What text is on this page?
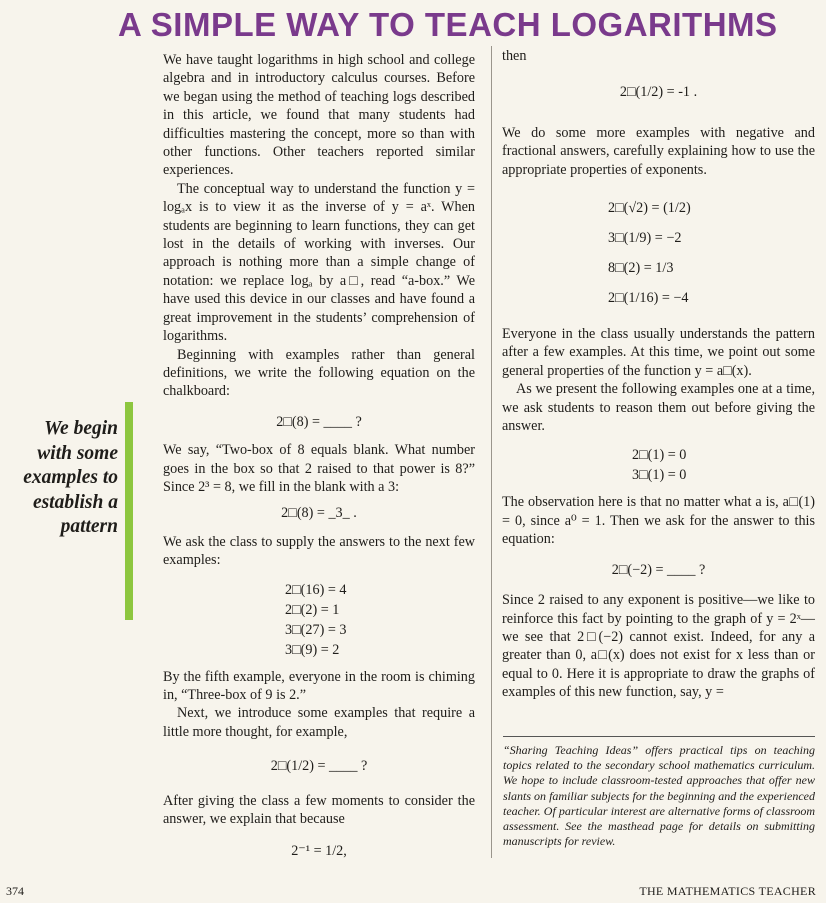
A SIMPLE WAY TO TEACH LOGARITHMS
We begin with some examples to establish a pattern

We have taught logarithms in high school and college algebra and in introductory calculus courses. Before we began using the method of teaching logs described in this article, we found that many students had difficulties mastering the concept, more so than with other functions. Other teachers reported similar experiences.

The conceptual way to understand the function y = logₐx is to view it as the inverse of y = aˣ. When students are beginning to learn functions, they can get lost in the details of working with inverses. Our approach is nothing more than a simple change of notation: we replace logₐ by a□, read “a-box.” We have used this device in our classes and have found a great improvement in the students’ comprehension of logarithms.

Beginning with examples rather than general definitions, we write the following equation on the chalkboard:

2□(8) = ____ ?

We say, “Two-box of 8 equals blank. What number goes in the box so that 2 raised to that power is 8?” Since 2³ = 8, we fill in the blank with a 3:

2□(8) = _3_ .

We ask the class to supply the answers to the next few examples:

2□(16) = 4
2□(2) = 1
3□(27) = 3
3□(9) = 2

By the fifth example, everyone in the room is chiming in, “Three-box of 9 is 2.”

Next, we introduce some examples that require a little more thought, for example,

2□(1/2) = ____ ?

After giving the class a few moments to consider the answer, we explain that because

2⁻¹ = 1/2,

then

2□(1/2) = -1 .

We do some more examples with negative and fractional answers, carefully explaining how to use the appropriate properties of exponents.

2□(√2) = (1/2)
3□(1/9) = −2
8□(2) = 1/3
2□(1/16) = −4

Everyone in the class usually understands the pattern after a few examples. At this time, we point out some general properties of the function y = a□(x).

As we present the following examples one at a time, we ask students to reason them out before giving the answer.

2□(1) = 0
3□(1) = 0

The observation here is that no matter what a is, a□(1) = 0, since a⁰ = 1. Then we ask for the answer to this equation:

2□(−2) = ____ ?

Since 2 raised to any exponent is positive—we like to reinforce this fact by pointing to the graph of y = 2ˣ—we see that 2□(−2) cannot exist. Indeed, for any a greater than 0, a□(x) does not exist for x less than or equal to 0. Here it is appropriate to draw the graphs of examples of this new function, say, y =

“Sharing Teaching Ideas” offers practical tips on teaching topics related to the secondary school mathematics curriculum. We hope to include classroom-tested approaches that offer new slants on familiar subjects for the beginning and the experienced teacher. Of particular interest are alternative forms of classroom assessment. See the masthead page for details on submitting manuscripts for review.
374	THE MATHEMATICS TEACHER
